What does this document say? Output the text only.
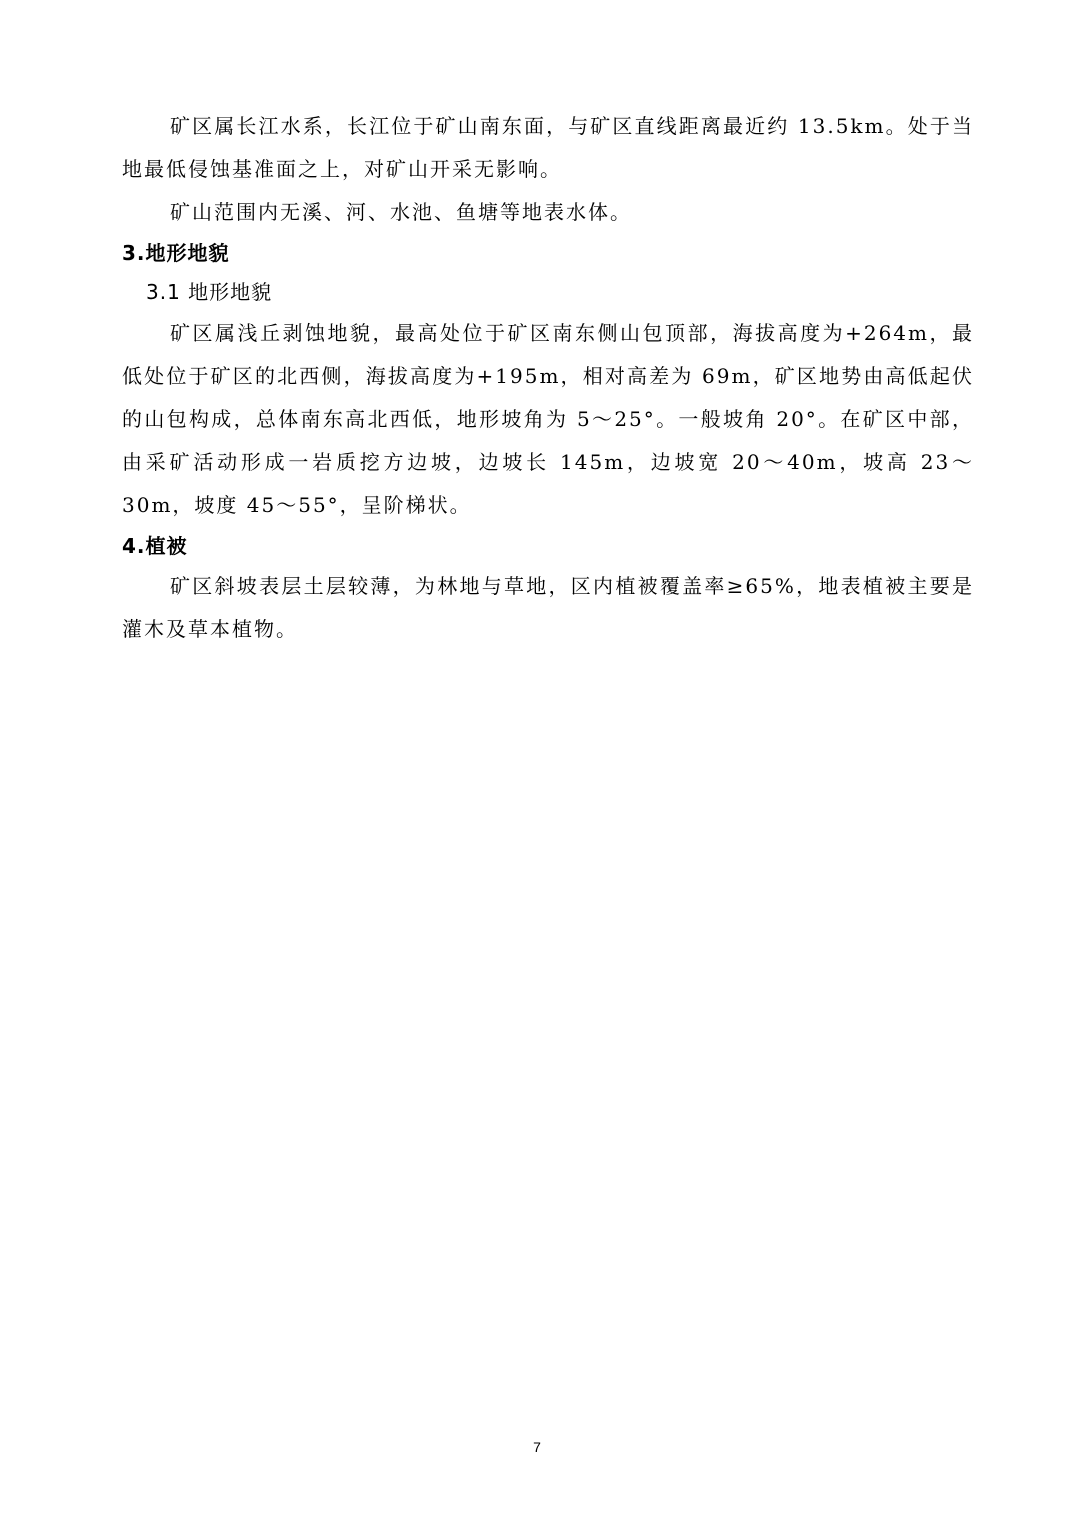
矿区属长江水系，长江位于矿山南东面，与矿区直线距离最近约 13.5km。处于当地最低侵蚀基准面之上，对矿山开采无影响。

矿山范围内无溪、河、水池、鱼塘等地表水体。

3.地形地貌

3.1 地形地貌

矿区属浅丘剥蚀地貌，最高处位于矿区南东侧山包顶部，海拔高度为+264m，最低处位于矿区的北西侧，海拔高度为+195m，相对高差为 69m，矿区地势由高低起伏的山包构成，总体南东高北西低，地形坡角为 5～25°。一般坡角 20°。在矿区中部，由采矿活动形成一岩质挖方边坡，边坡长 145m，边坡宽 20～40m，坡高 23～30m，坡度 45～55°，呈阶梯状。

4.植被

矿区斜坡表层土层较薄，为林地与草地，区内植被覆盖率≥65%，地表植被主要是灌木及草本植物。

7
